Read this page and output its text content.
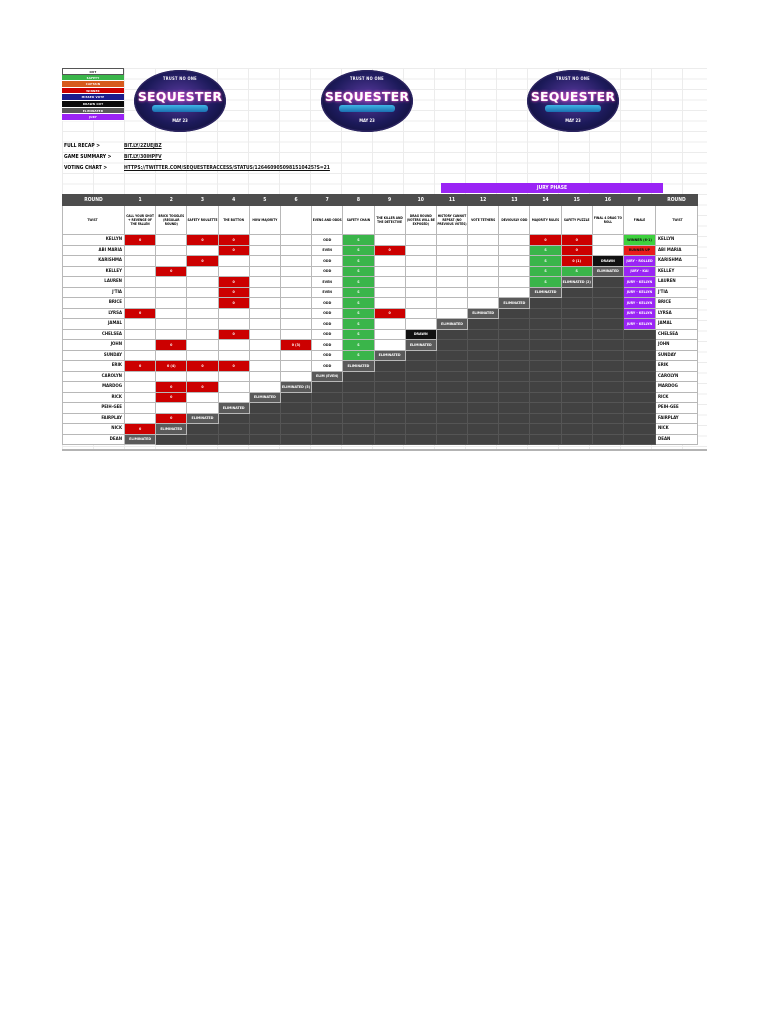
OUT
SAFETY
CAPTAIN
WINNER
MISSED VOTE
DRAWN OUT
ELIMINATED
JURY
TRUST NO ONE
SEQUESTER
MAY 23
TRUST NO ONE
SEQUESTER
MAY 23
TRUST NO ONE
SEQUESTER
MAY 23
FULL RECAP >	BIT.LY/2ZUEJBZ
GAME SUMMARY >	BIT.LY/30IHPFV
VOTING CHART >	HTTPS://TWITTER.COM/SEQUESTERACCESS/STATUS/1264609050981510425?S=21
JURY PHASE
ROUND	1	2	3	4	5	6	7	8	9	10	11	12	13	14	15	16	F	ROUND
TWIST	CALL YOUR SHOT + REVENGE OF THE FALLEN	BRICK TOGGLES (REGULAR ROUND)	SAFETY ROULETTE	THE BUTTON	HOW MAJORITY		EVENS AND ODDS	SAFETY CHAIN	THE KILLER AND THE DETECTIVE	DRAG ROUND (VOTERS WILL BE EXPOSED)	HISTORY CANNOT REPEAT (NO PREVIOUS VOTES)	VOTE TETHERS	DEVIOUSLY ODD	MAJORITY RULES	SAFETY PUZZLE	FINAL 4 DRAG TO ROLL	FINALE	TWIST
KELLYN	0		0	0			ODD	S						0	0		WINNER (6-1)	KELLYN
ABI MARIA				0			EVEN	S	0					S	0		RUNNER UP	ABI MARIA
KARISHMA			0				ODD	S						S	0 (1)	DRAWN	JURY - ROLLED	KARISHMA
KELLEY		0					ODD	S						S	S	ELIMINATED	JURY - KAI	KELLEY
LAUREN				0			EVEN	S						S	ELIMINATED (2)		JURY - KELLYN	LAUREN
J'TIA				0			EVEN	S						ELIMINATED			JURY - KELLYN	J'TIA
BRICE				0			ODD	S					ELIMINATED				JURY - KELLYN	BRICE
LYRSA	0						ODD	S	0			ELIMINATED					JURY - KELLYN	LYRSA
JAMAL							ODD	S			ELIMINATED						JURY - KELLYN	JAMAL
CHELSEA				0			ODD	S		DRAWN								CHELSEA
JOHN		0				0 (3)	ODD	S		ELIMINATED								JOHN
SUNDAY							ODD	S	ELIMINATED									SUNDAY
ERIK	0	0 (4)	0	0			ODD	ELIMINATED										ERIK
CAROLYN							ELIM (EVEN)											CAROLYN
MARDOG		0	0			ELIMINATED (5)												MARDOG
RICK		0			ELIMINATED													RICK
PEIH-GEE				ELIMINATED														PEIH-GEE
FAIRPLAY		0	ELIMINATED															FAIRPLAY
NICK	0	ELIMINATED																NICK
DEAN	ELIMINATED																	DEAN
